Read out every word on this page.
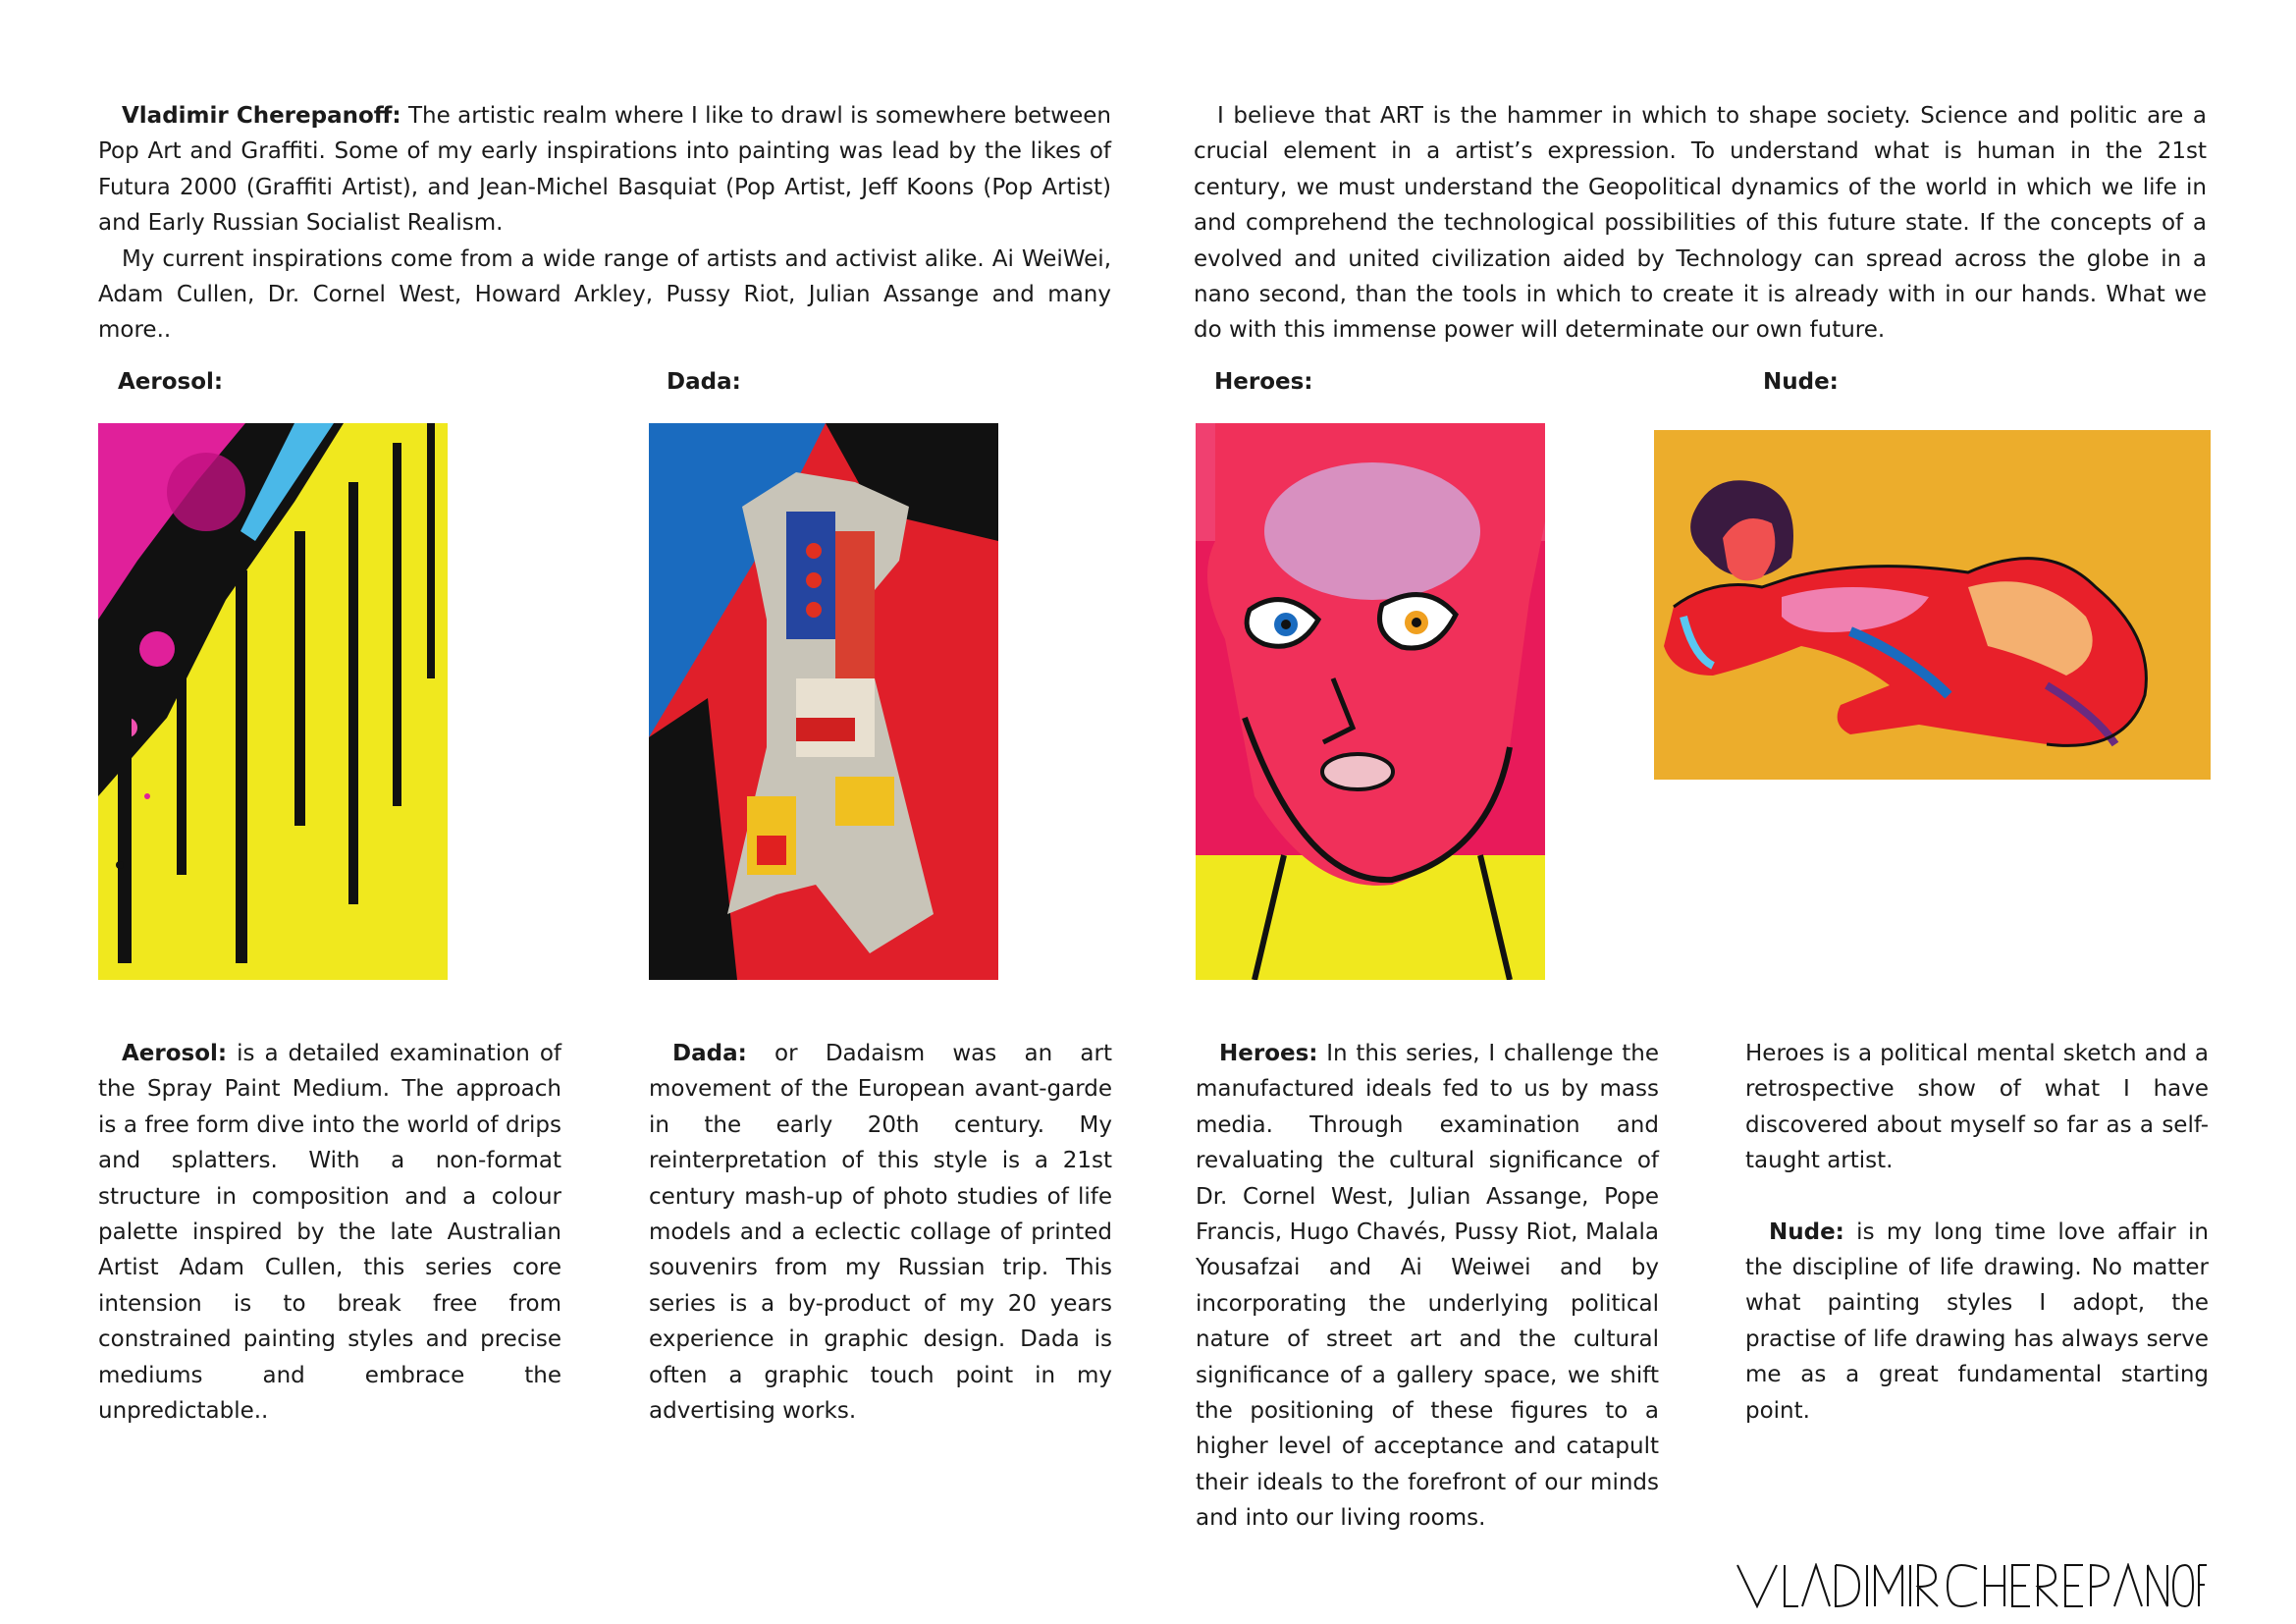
Vladimir Cherepanoff: The artistic realm where I like to drawl is somewhere between Pop Art and Graffiti. Some of my early inspirations into painting was lead by the likes of Futura 2000 (Graffiti Artist), and Jean-Michel Basquiat (Pop Artist, Jeff Koons (Pop Artist) and Early Russian Socialist Realism.

My current inspirations come from a wide range of artists and activist alike. Ai WeiWei, Adam Cullen, Dr. Cornel West, Howard Arkley, Pussy Riot, Julian Assange and many more..

I believe that ART is the hammer in which to shape society. Science and politic are a crucial element in a artist’s expression. To understand what is human in the 21st century, we must understand the Geopolitical dynamics of the world in which we life in and comprehend the technological possibilities of this future state. If the concepts of a evolved and united civilization aided by Technology can spread across the globe in a nano second, than the tools in which to create it is already with in our hands. What we do with this immense power will determinate our own future.

Aerosol:	Dada:	Heroes:	Nude:

Aerosol: is a detailed examination of the Spray Paint Medium. The approach is a free form dive into the world of drips and splatters. With a non-format structure in composition and a colour palette inspired by the late Australian Artist Adam Cullen, this series core intension is to break free from constrained painting styles and precise mediums and embrace the unpredictable..

Dada: or Dadaism was an art movement of the European avant-garde in the early 20th century. My reinterpretation of this style is a 21st century mash-up of photo studies of life models and a eclectic collage of printed souvenirs from my Russian trip. This series is a by-product of my 20 years experience in graphic design. Dada is often a graphic touch point in my advertising works.

Heroes: In this series, I challenge the manufactured ideals fed to us by mass media. Through examination and revaluating the cultural significance of Dr. Cornel West, Julian Assange, Pope Francis, Hugo Chavés, Pussy Riot, Malala Yousafzai and Ai Weiwei and by incorporating the underlying political nature of street art and the cultural significance of a gallery space, we shift the positioning of these figures to a higher level of acceptance and catapult their ideals to the forefront of our minds and into our living rooms.

Heroes is a political mental sketch and a retrospective show of what I have discovered about myself so far as a self-taught artist.

Nude: is my long time love affair in the discipline of life drawing. No matter what painting styles I adopt, the practise of life drawing has always serve me as a great fundamental starting point.
